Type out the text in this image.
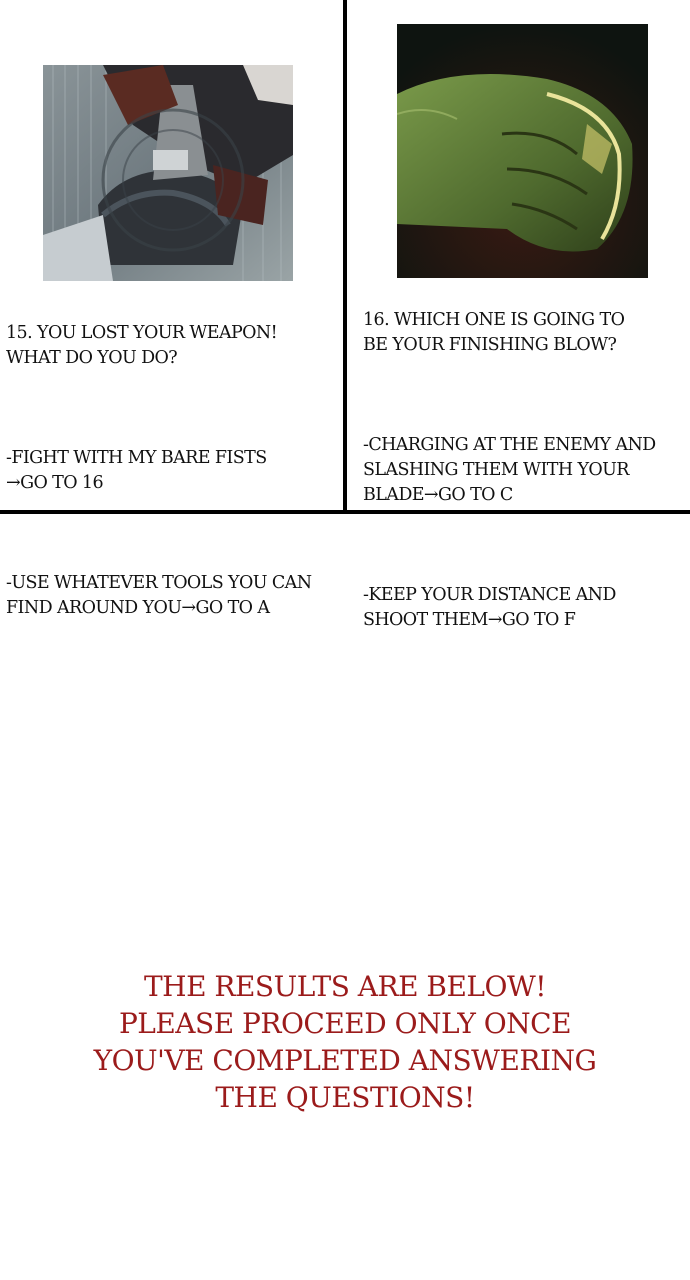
15. YOU LOST YOUR WEAPON!
WHAT DO YOU DO?

-FIGHT WITH MY BARE FISTS
→GO TO 16

-USE WHATEVER TOOLS YOU CAN
FIND AROUND YOU→GO TO A

16. WHICH ONE IS GOING TO
BE YOUR FINISHING BLOW?

-CHARGING AT THE ENEMY AND
SLASHING THEM WITH YOUR
BLADE→GO TO C

-KEEP YOUR DISTANCE AND
SHOOT THEM→GO TO F

THE RESULTS ARE BELOW!
PLEASE PROCEED ONLY ONCE
YOU'VE COMPLETED ANSWERING
THE QUESTIONS!
